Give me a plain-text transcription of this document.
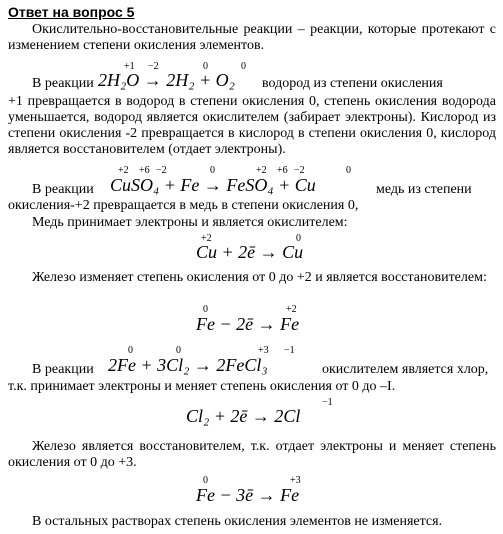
Ответ на вопрос 5
Окислительно-восстановительные реакции – реакции, которые протекают с изменением степени окисления элементов.
В реакции 2H₂O → 2H₂ + O₂
+1 −2	0	0
водород из степени окисления
+1 превращается в водород в степени окисления 0, степень окисления водорода уменьшается, водород является окислителем (забирает электроны). Кислород из степени окисления -2 превращается в кислород в степени окисления 0, кислород является восстановителем (отдает электроны).
В реакции CuSO₄ + Fe → FeSO₄ + Cu
+2 +6 −2	0	+2 +6 −2	0
медь из степени
окисления-+2 превращается в медь в степени окисления 0,
Медь принимает электроны и является окислителем:
Cu + 2ē → Cu
+2	0
Железо изменяет степень окисления от 0 до +2 и является восстановителем:
Fe − 2ē → Fe
0	+2
В реакции 2Fe + 3Cl₂ → 2FeCl₃
0	0	+3 −1
окислителем является хлор,
т.к. принимает электроны и меняет степень окисления от 0 до –I.
Cl₂ + 2ē → 2Cl
−1
Железо является восстановителем, т.к. отдает электроны и меняет степень окисления от 0 до +3.
Fe − 3ē → Fe
0	+3
В остальных растворах степень окисления элементов не изменяется.
